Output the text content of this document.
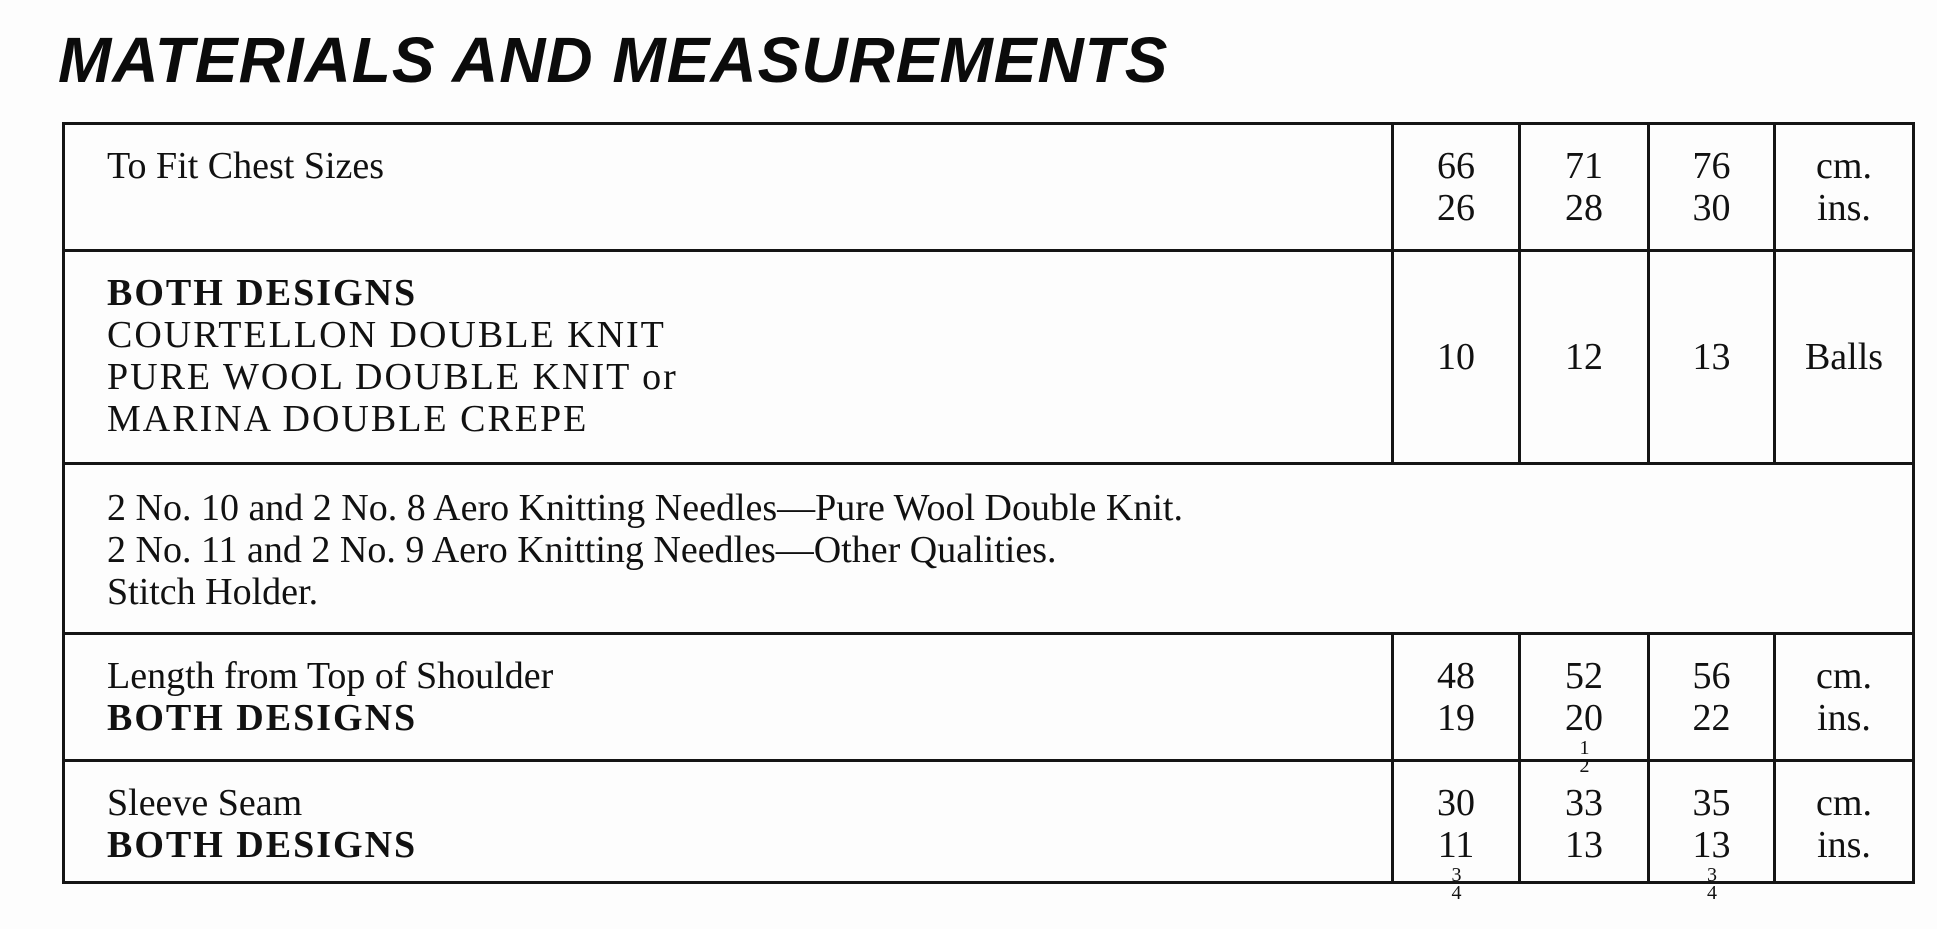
MATERIALS AND MEASUREMENTS
To Fit Chest Sizes	66
26
71
28
76
30
cm.
ins.
BOTH DESIGNS
COURTELLON DOUBLE KNIT
PURE WOOL DOUBLE KNIT or
MARINA DOUBLE CREPE
10 12 13 Balls
2 No. 10 and 2 No. 8 Aero Knitting Needles—Pure Wool Double Knit.
2 No. 11 and 2 No. 9 Aero Knitting Needles—Other Qualities.
Stitch Holder.
Length from Top of Shoulder
BOTH DESIGNS
48
19
52
20
1
2
56
22
cm.
ins.
Sleeve Seam
BOTH DESIGNS
30
11
3
4
33
13
35
13
3
4
cm.
ins.
